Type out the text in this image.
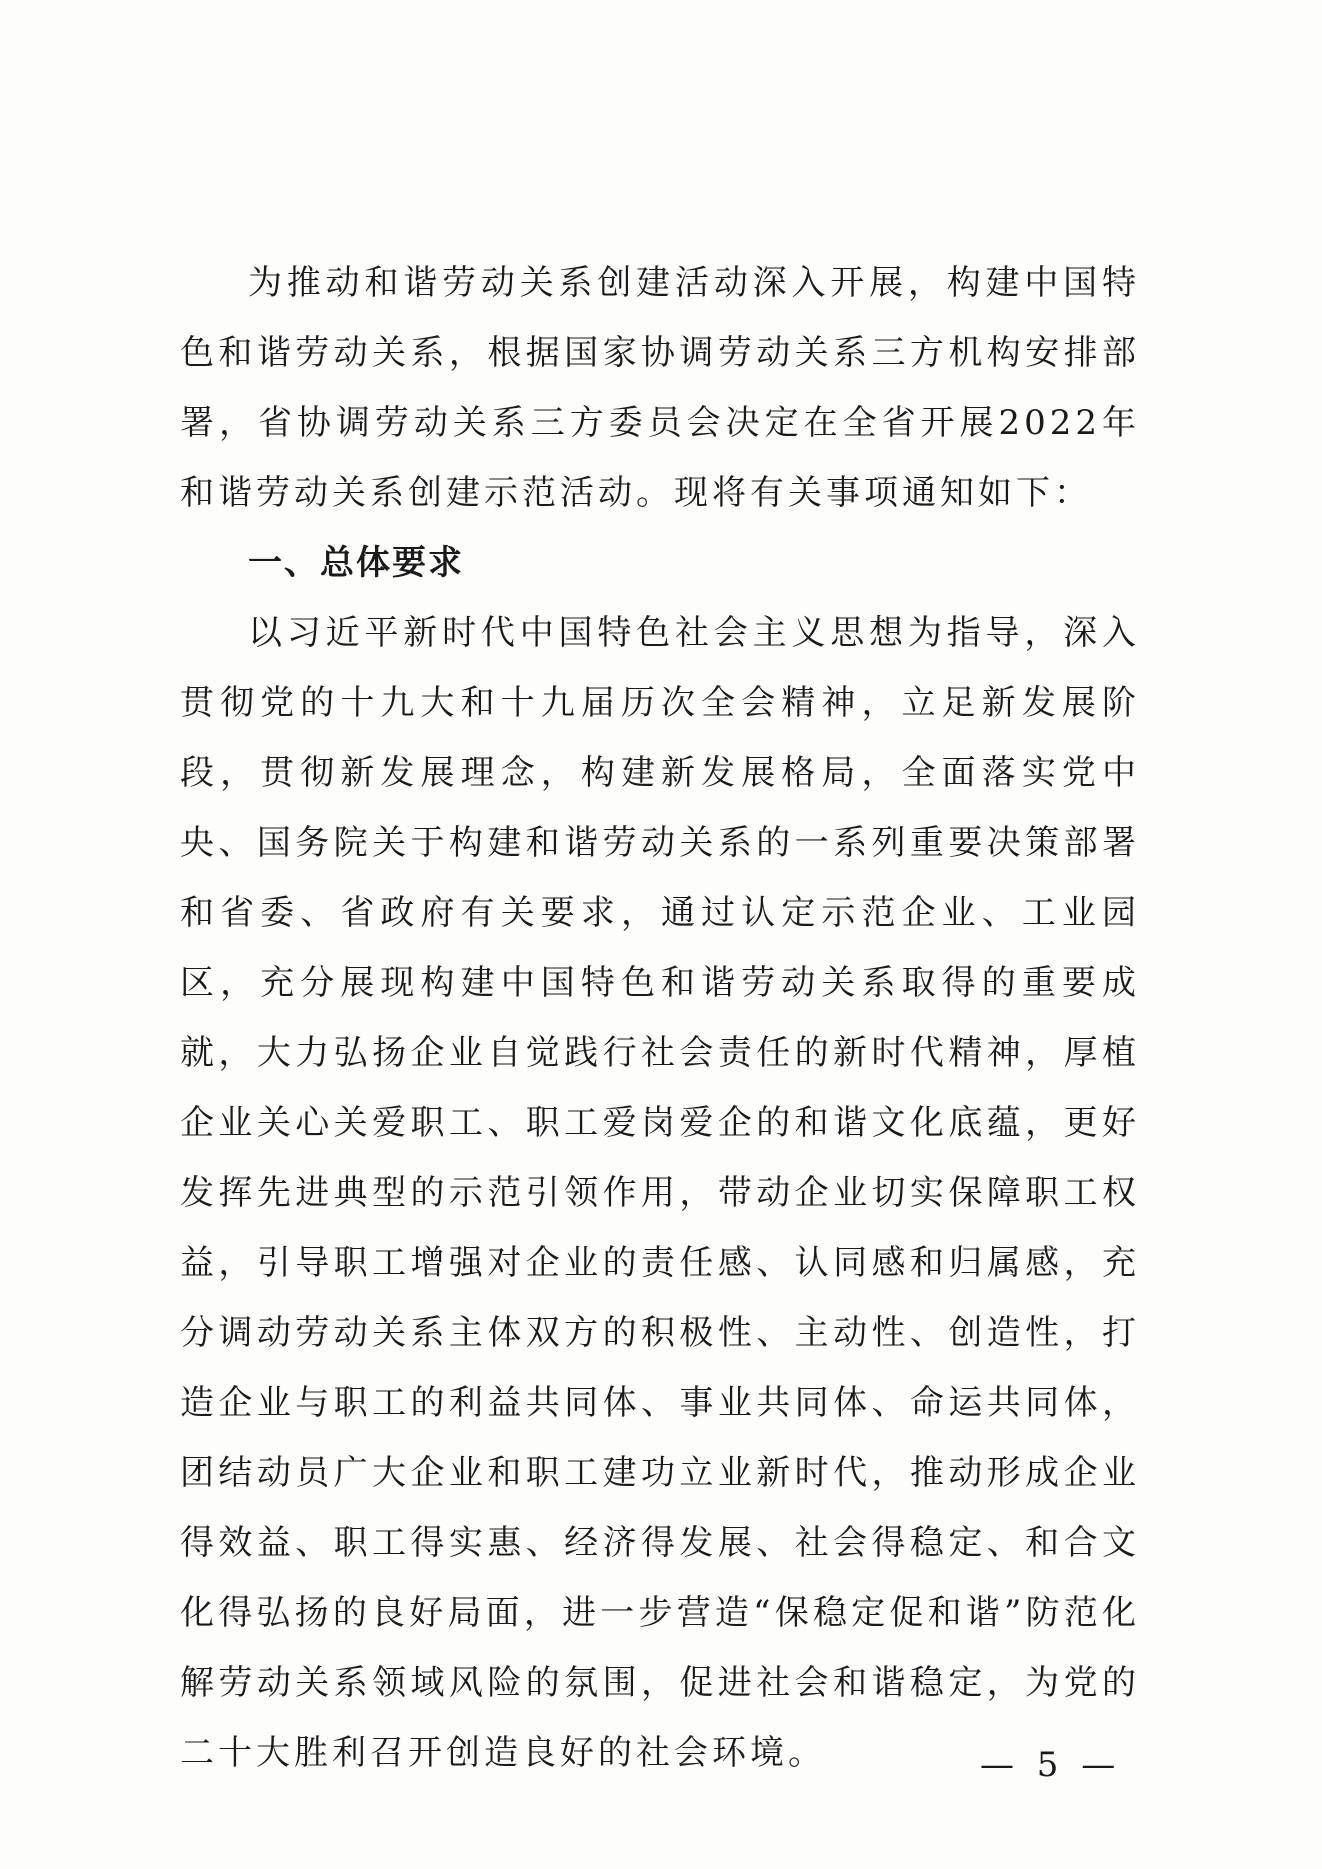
为推动和谐劳动关系创建活动深入开展，构建中国特色和谐劳动关系，根据国家协调劳动关系三方机构安排部署，省协调劳动关系三方委员会决定在全省开展2022年和谐劳动关系创建示范活动。现将有关事项通知如下：

一、总体要求

以习近平新时代中国特色社会主义思想为指导，深入贯彻党的十九大和十九届历次全会精神，立足新发展阶段，贯彻新发展理念，构建新发展格局，全面落实党中央、国务院关于构建和谐劳动关系的一系列重要决策部署和省委、省政府有关要求，通过认定示范企业、工业园区，充分展现构建中国特色和谐劳动关系取得的重要成就，大力弘扬企业自觉践行社会责任的新时代精神，厚植企业关心关爱职工、职工爱岗爱企的和谐文化底蕴，更好发挥先进典型的示范引领作用，带动企业切实保障职工权益，引导职工增强对企业的责任感、认同感和归属感，充分调动劳动关系主体双方的积极性、主动性、创造性，打造企业与职工的利益共同体、事业共同体、命运共同体，团结动员广大企业和职工建功立业新时代，推动形成企业得效益、职工得实惠、经济得发展、社会得稳定、和合文化得弘扬的良好局面，进一步营造“保稳定促和谐”防范化解劳动关系领域风险的氛围，促进社会和谐稳定，为党的二十大胜利召开创造良好的社会环境。	— 5 —
